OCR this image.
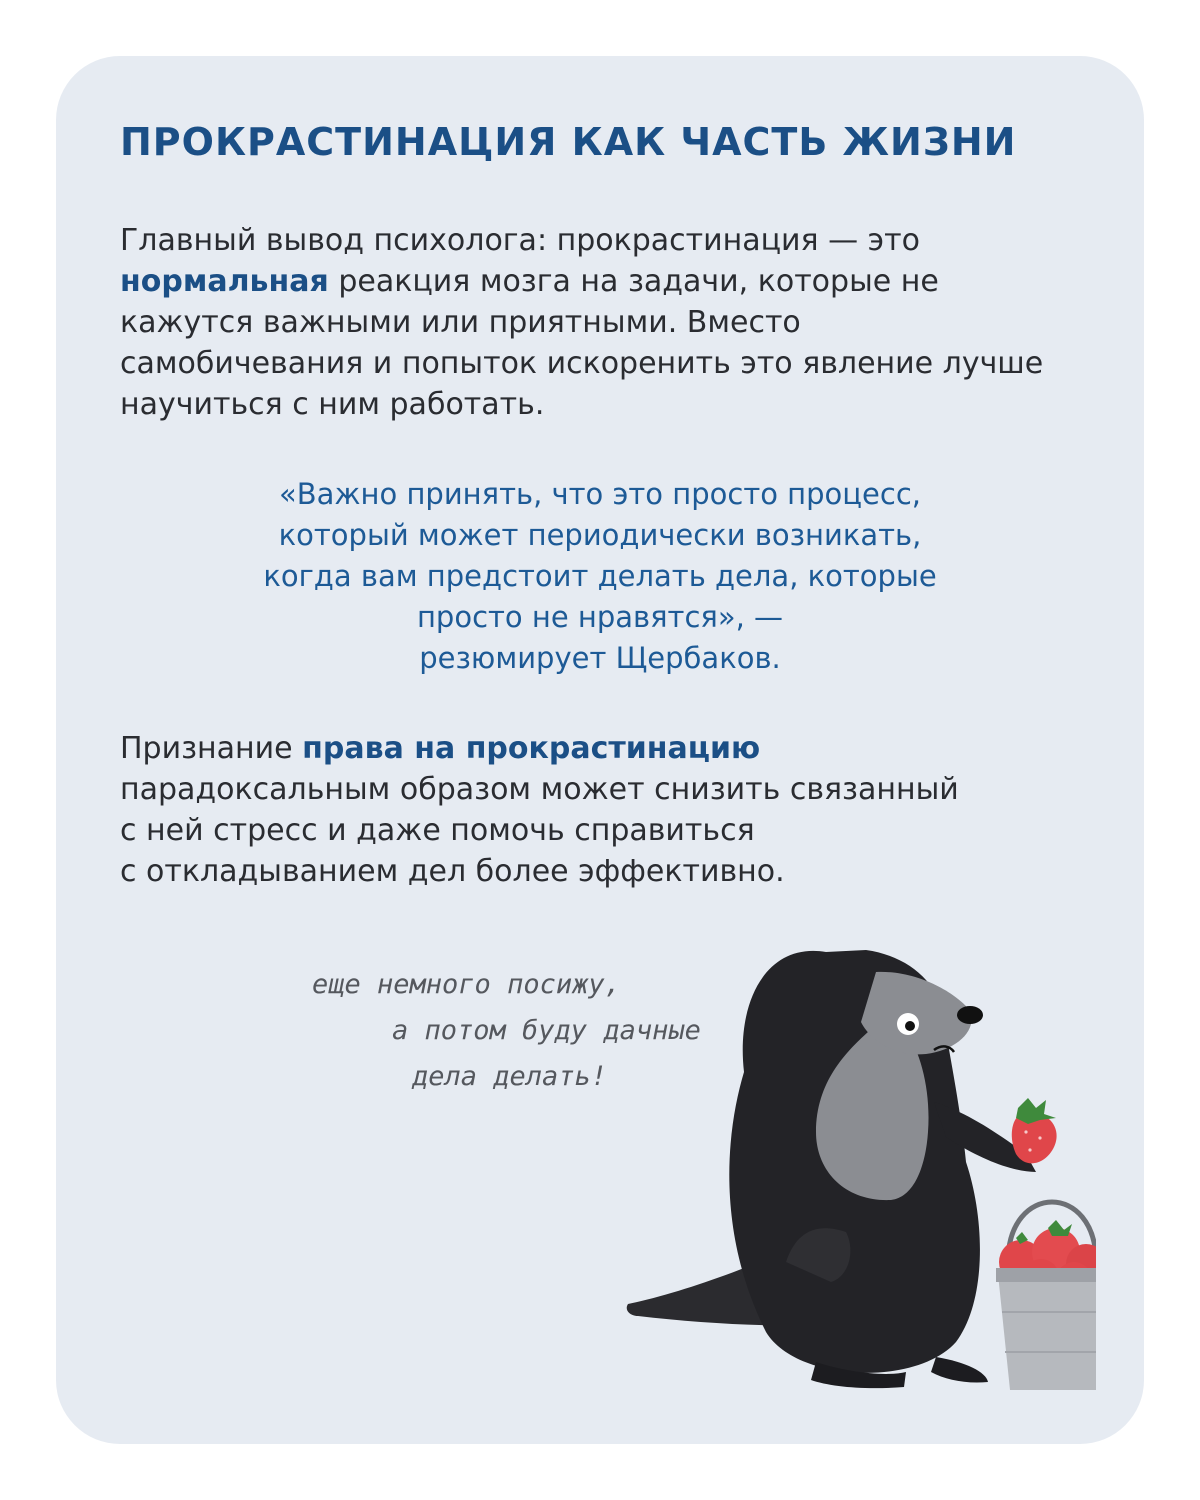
ПРОКРАСТИНАЦИЯ КАК ЧАСТЬ ЖИЗНИ

Главный вывод психолога: прокрастинация — это
нормальная реакция мозга на задачи, которые не кажутся важными или приятными. Вместо самобичевания и попыток искоренить это явление лучше научиться с ним работать.

«Важно принять, что это просто процесс,
который может периодически возникать,
когда вам предстоит делать дела, которые
просто не нравятся», —
резюмирует Щербаков.

Признание права на прокрастинацию
парадоксальным образом может снизить связанный
с ней стресс и даже помочь справиться
с откладыванием дел более эффективно.

еще немного посижу,
а потом буду дачные
дела делать!
